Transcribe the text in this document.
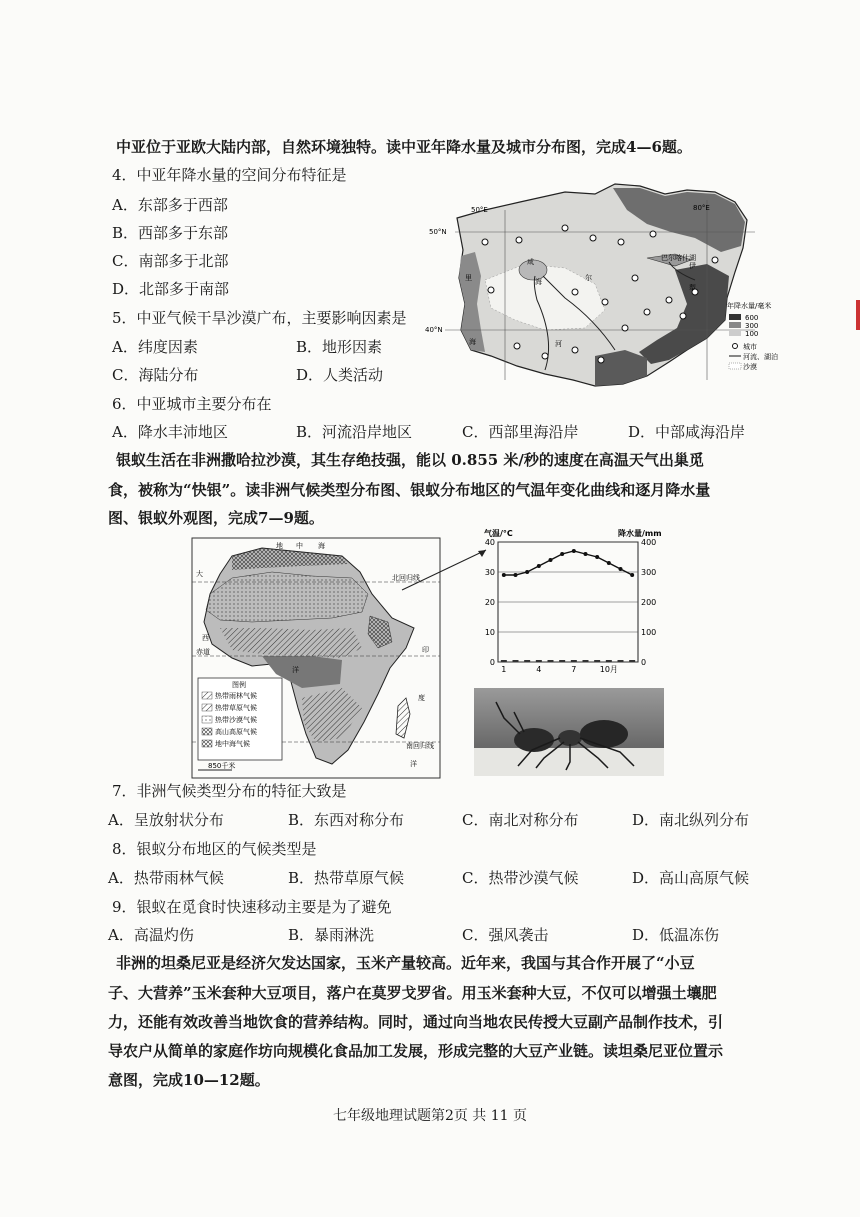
中亚位于亚欧大陆内部，自然环境独特。读中亚年降水量及城市分布图，完成4—6题。
4．中亚年降水量的空间分布特征是
A．东部多于西部
B．西部多于东部
C．南部多于北部
D．北部多于南部
5．中亚气候干旱沙漠广布，主要影响因素是
A．纬度因素	B．地形因素
C．海陆分布	D．人类活动
50°E	80°E
50°N
40°N
巴尔喀什湖
咸
海
里
海
伊
犁
河
尔
年降水量/毫米
600
300
100
城市
河流、湖泊
沙漠
6．中亚城市主要分布在
A．降水丰沛地区	B．河流沿岸地区	C．西部里海沿岸	D．中部咸海沿岸
银蚁生活在非洲撒哈拉沙漠，其生存绝技强，能以 0.855 米/秒的速度在高温天气出巢觅
食，被称为“快银”。读非洲气候类型分布图、银蚁分布地区的气温年变化曲线和逐月降水量
图、银蚁外观图，完成7—9题。
地 中 海
大	北回归线
西
赤道
洋
印
度
洋
南回归线
图例
热带雨林气候
热带草原气候
热带沙漠气候
高山高原气候
地中海气候
850千米
40
30
20
10
0
400
300
200
100
0
气温/°C	降水量/mm
1	4	7	10月
7．非洲气候类型分布的特征大致是
A．呈放射状分布	B．东西对称分布	C．南北对称分布	D．南北纵列分布
8．银蚁分布地区的气候类型是
A．热带雨林气候	B．热带草原气候	C．热带沙漠气候	D．高山高原气候
9．银蚁在觅食时快速移动主要是为了避免
A．高温灼伤	B．暴雨淋洗	C．强风袭击	D．低温冻伤
非洲的坦桑尼亚是经济欠发达国家，玉米产量较高。近年来，我国与其合作开展了“小豆
子、大营养”玉米套种大豆项目，落户在莫罗戈罗省。用玉米套种大豆，不仅可以增强土壤肥
力，还能有效改善当地饮食的营养结构。同时，通过向当地农民传授大豆副产品制作技术，引
导农户从简单的家庭作坊向规模化食品加工发展，形成完整的大豆产业链。读坦桑尼亚位置示
意图，完成10—12题。
七年级地理试题第2页 共 11 页
